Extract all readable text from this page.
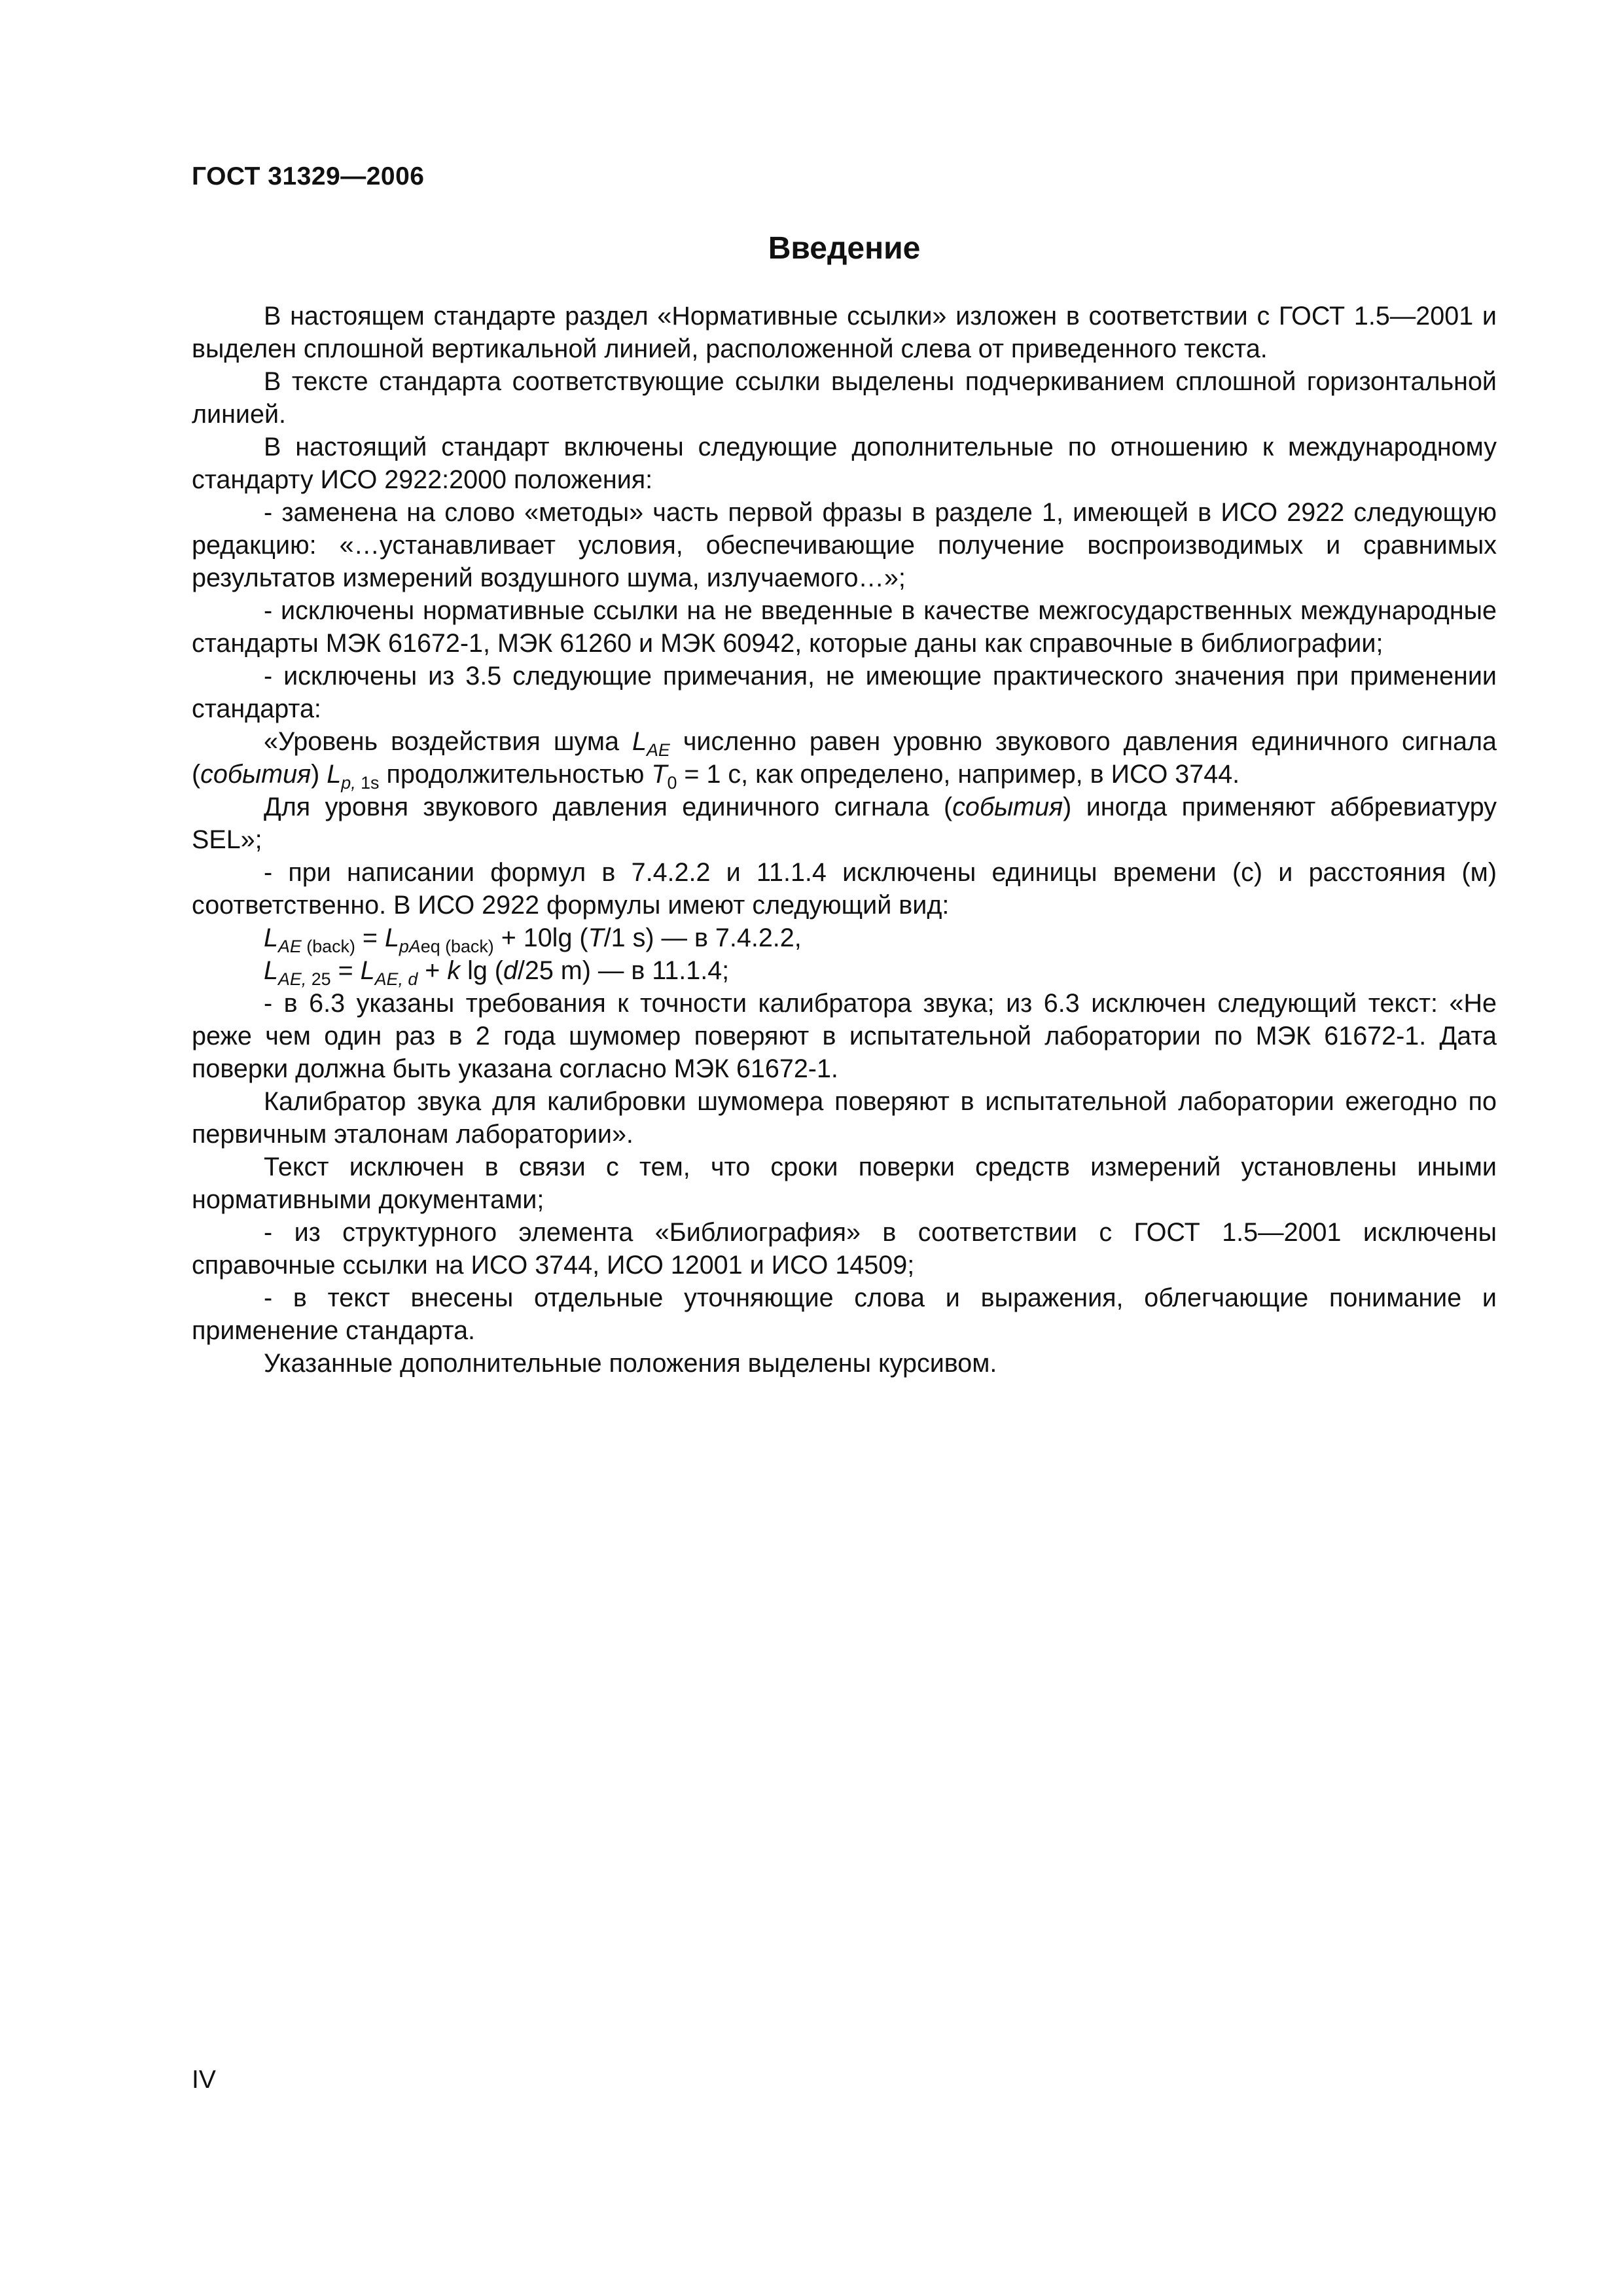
ГОСТ 31329—2006
Введение

В настоящем стандарте раздел «Нормативные ссылки» изложен в соответствии с ГОСТ 1.5—2001 и выделен сплошной вертикальной линией, расположенной слева от приведенного текста.

В тексте стандарта соответствующие ссылки выделены подчеркиванием сплошной горизонтальной линией.

В настоящий стандарт включены следующие дополнительные по отношению к международному стандарту ИСО 2922:2000 положения:

- заменена на слово «методы» часть первой фразы в разделе 1, имеющей в ИСО 2922 следующую редакцию: «…устанавливает условия, обеспечивающие получение воспроизводимых и сравнимых результатов измерений воздушного шума, излучаемого…»;

- исключены нормативные ссылки на не введенные в качестве межгосударственных международные стандарты МЭК 61672-1, МЭК 61260 и МЭК 60942, которые даны как справочные в библиографии;

- исключены из 3.5 следующие примечания, не имеющие практического значения при применении стандарта:

«Уровень воздействия шума $L_{AE}$ численно равен уровню звукового давления единичного сигнала (события) $L_{p, 1s}$ продолжительностью $T_0 = 1$ с, как определено, например, в ИСО 3744.

Для уровня звукового давления единичного сигнала (события) иногда применяют аббревиатуру SEL»;

- при написании формул в 7.4.2.2 и 11.1.4 исключены единицы времени (с) и расстояния (м) соответственно. В ИСО 2922 формулы имеют следующий вид:

$L_{AE (back)} = L_{pAeq (back)} + 10\lg$ (T/1 s) — в 7.4.2.2,

$L_{AE, 25} = L_{AE, d} + k$ lg (d/25 m) — в 11.1.4;

- в 6.3 указаны требования к точности калибратора звука; из 6.3 исключен следующий текст: «Не реже чем один раз в 2 года шумомер поверяют в испытательной лаборатории по МЭК 61672-1. Дата поверки должна быть указана согласно МЭК 61672-1.

Калибратор звука для калибровки шумомера поверяют в испытательной лаборатории ежегодно по первичным эталонам лаборатории».

Текст исключен в связи с тем, что сроки поверки средств измерений установлены иными нормативными документами;

- из структурного элемента «Библиография» в соответствии с ГОСТ 1.5—2001 исключены справочные ссылки на ИСО 3744, ИСО 12001 и ИСО 14509;

- в текст внесены отдельные уточняющие слова и выражения, облегчающие понимание и применение стандарта.

Указанные дополнительные положения выделены курсивом.

IV
